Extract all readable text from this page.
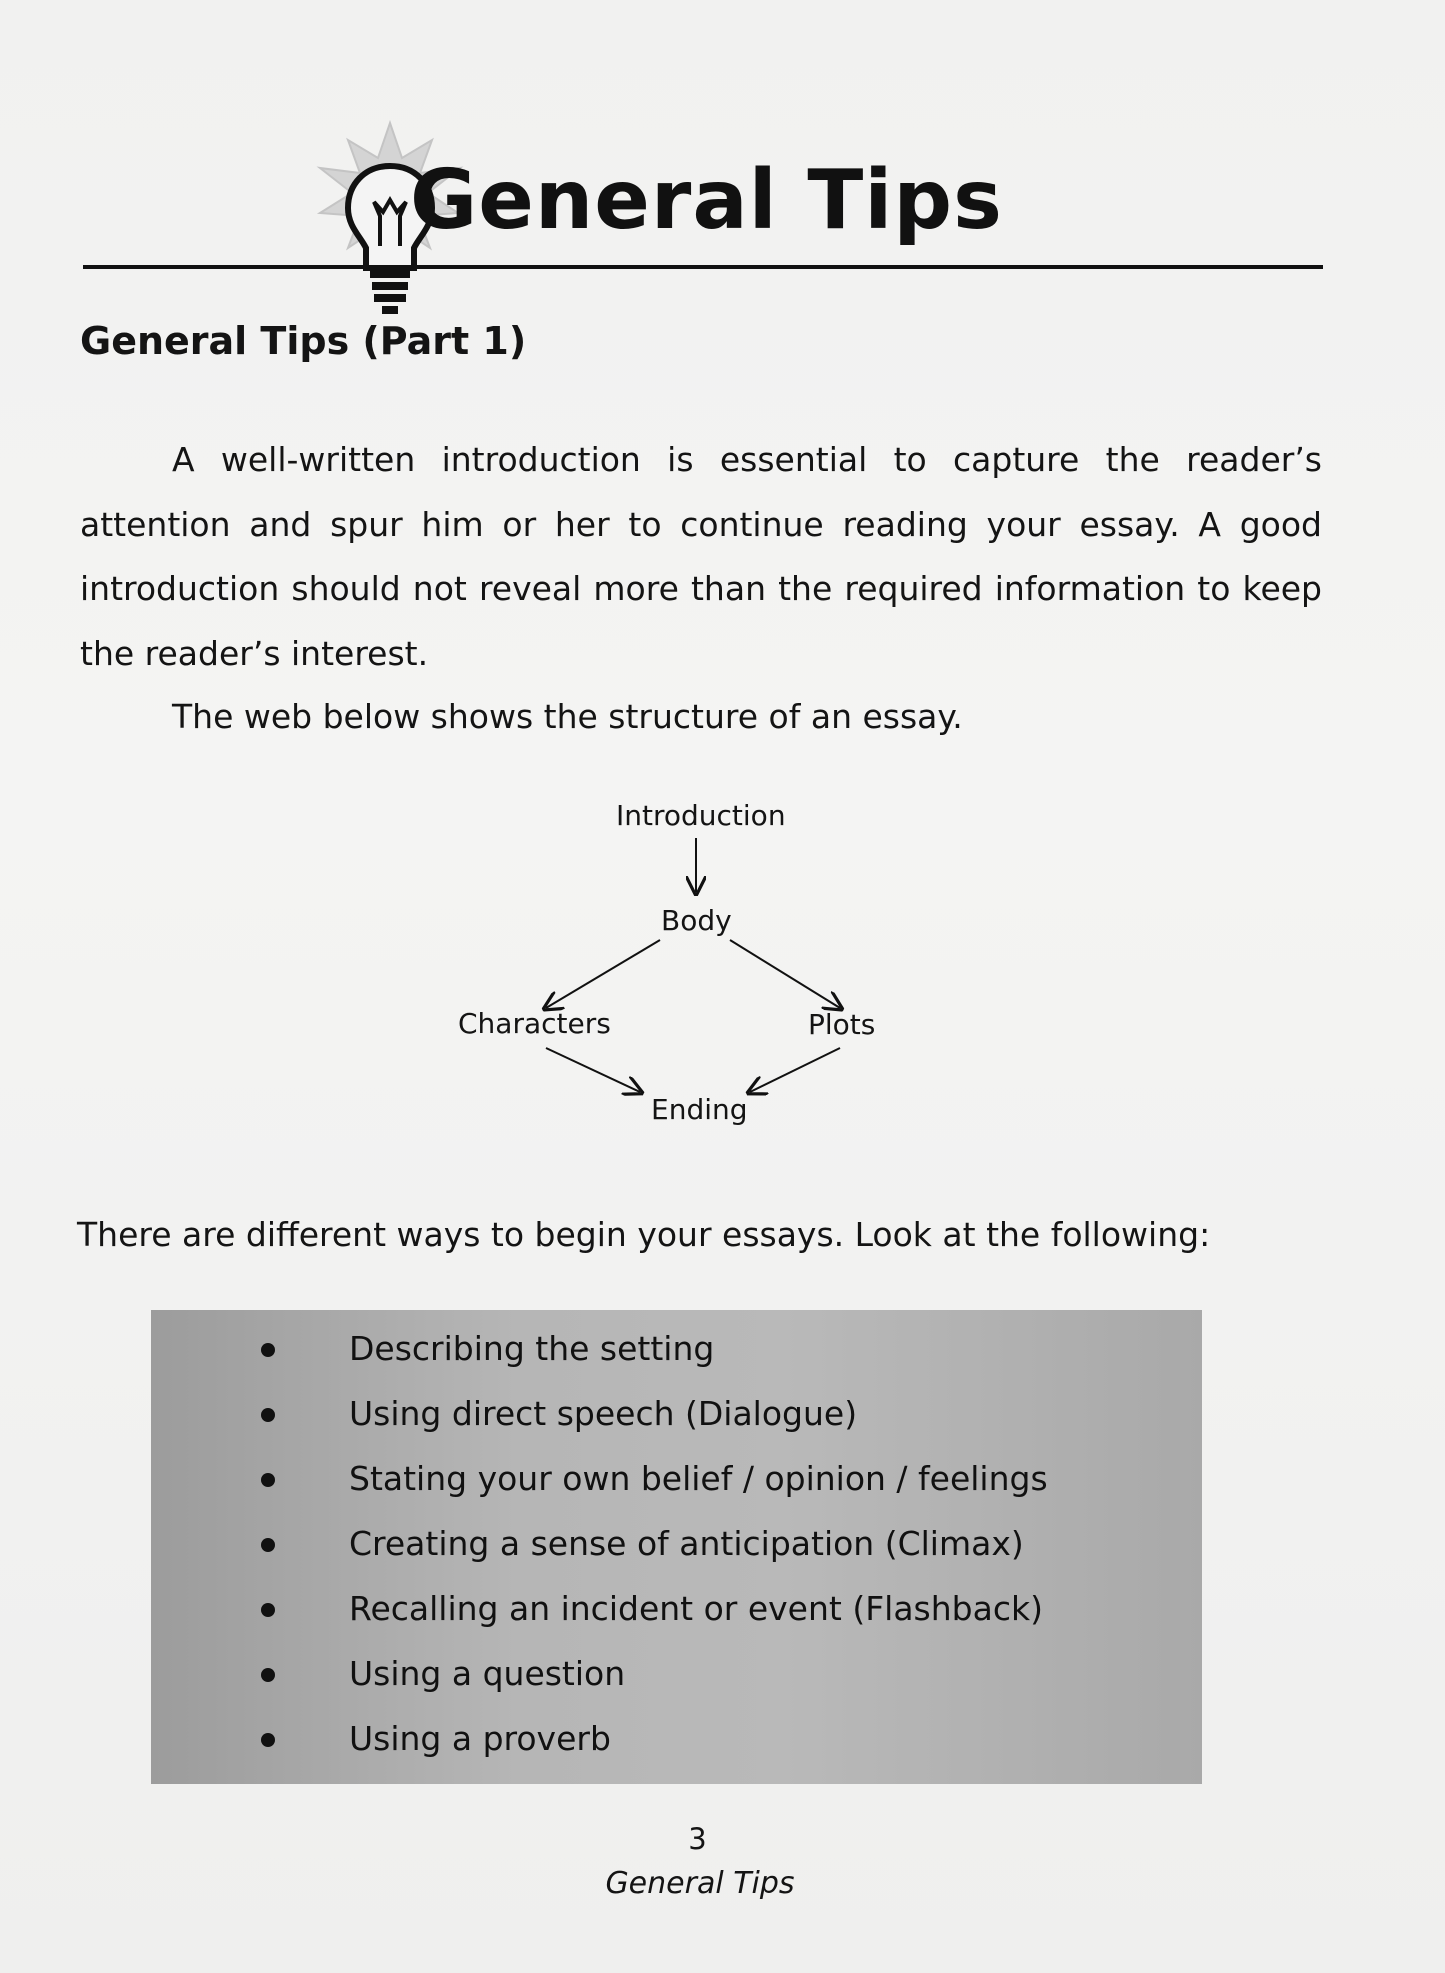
General Tips
General Tips (Part 1)

A well-written introduction is essential to capture the reader’s attention and spur him or her to continue reading your essay. A good introduction should not reveal more than the required information to keep the reader’s interest.

The web below shows the structure of an essay.
Introduction
Body
Characters	Plots
Ending
There are different ways to begin your essays. Look at the following:
Describing the setting
Using direct speech (Dialogue)
Stating your own belief / opinion / feelings
Creating a sense of anticipation (Climax)
Recalling an incident or event (Flashback)
Using a question
Using a proverb
3
General Tips
